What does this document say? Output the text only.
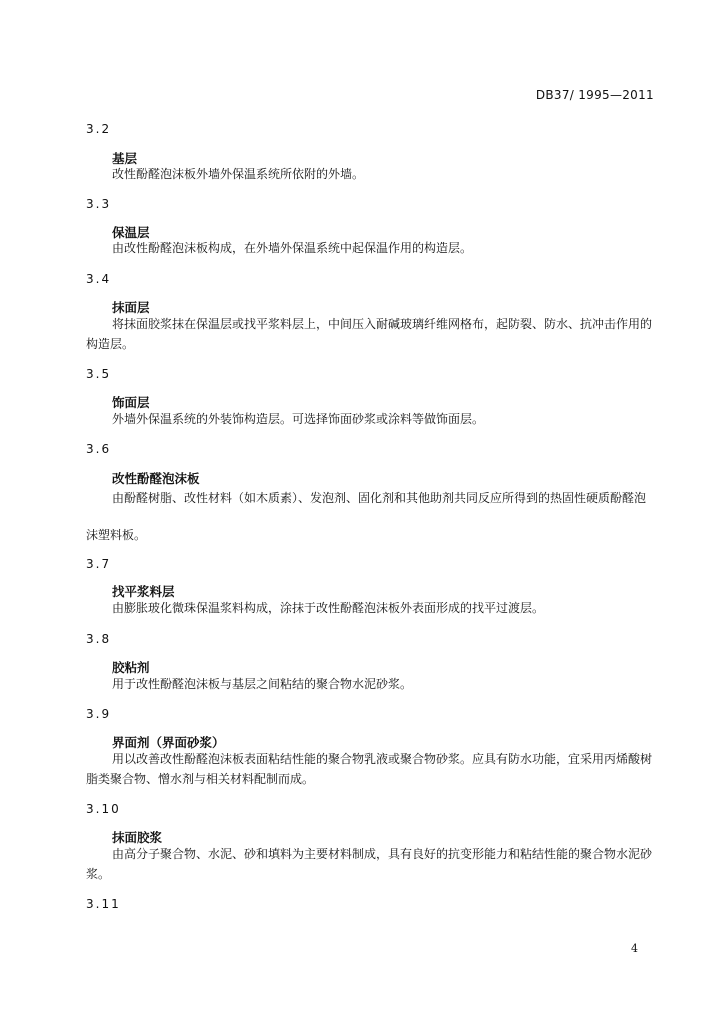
DB37/ 1995—2011
3.2
基层
改性酚醛泡沫板外墙外保温系统所依附的外墙。
3.3
保温层
由改性酚醛泡沫板构成，在外墙外保温系统中起保温作用的构造层。
3.4
抹面层
将抹面胶浆抹在保温层或找平浆料层上，中间压入耐碱玻璃纤维网格布，起防裂、防水、抗冲击作用的构造层。
3.5
饰面层
外墙外保温系统的外装饰构造层。可选择饰面砂浆或涂料等做饰面层。
3.6
改性酚醛泡沫板
由酚醛树脂、改性材料（如木质素）、发泡剂、固化剂和其他助剂共同反应所得到的热固性硬质酚醛泡沫塑料板。
3.7
找平浆料层
由膨胀玻化微珠保温浆料构成，涂抹于改性酚醛泡沫板外表面形成的找平过渡层。
3.8
胶粘剂
用于改性酚醛泡沫板与基层之间粘结的聚合物水泥砂浆。
3.9
界面剂（界面砂浆）
用以改善改性酚醛泡沫板表面粘结性能的聚合物乳液或聚合物砂浆。应具有防水功能，宜采用丙烯酸树脂类聚合物、憎水剂与相关材料配制而成。
3.10
抹面胶浆
由高分子聚合物、水泥、砂和填料为主要材料制成，具有良好的抗变形能力和粘结性能的聚合物水泥砂浆。
3.11
4
